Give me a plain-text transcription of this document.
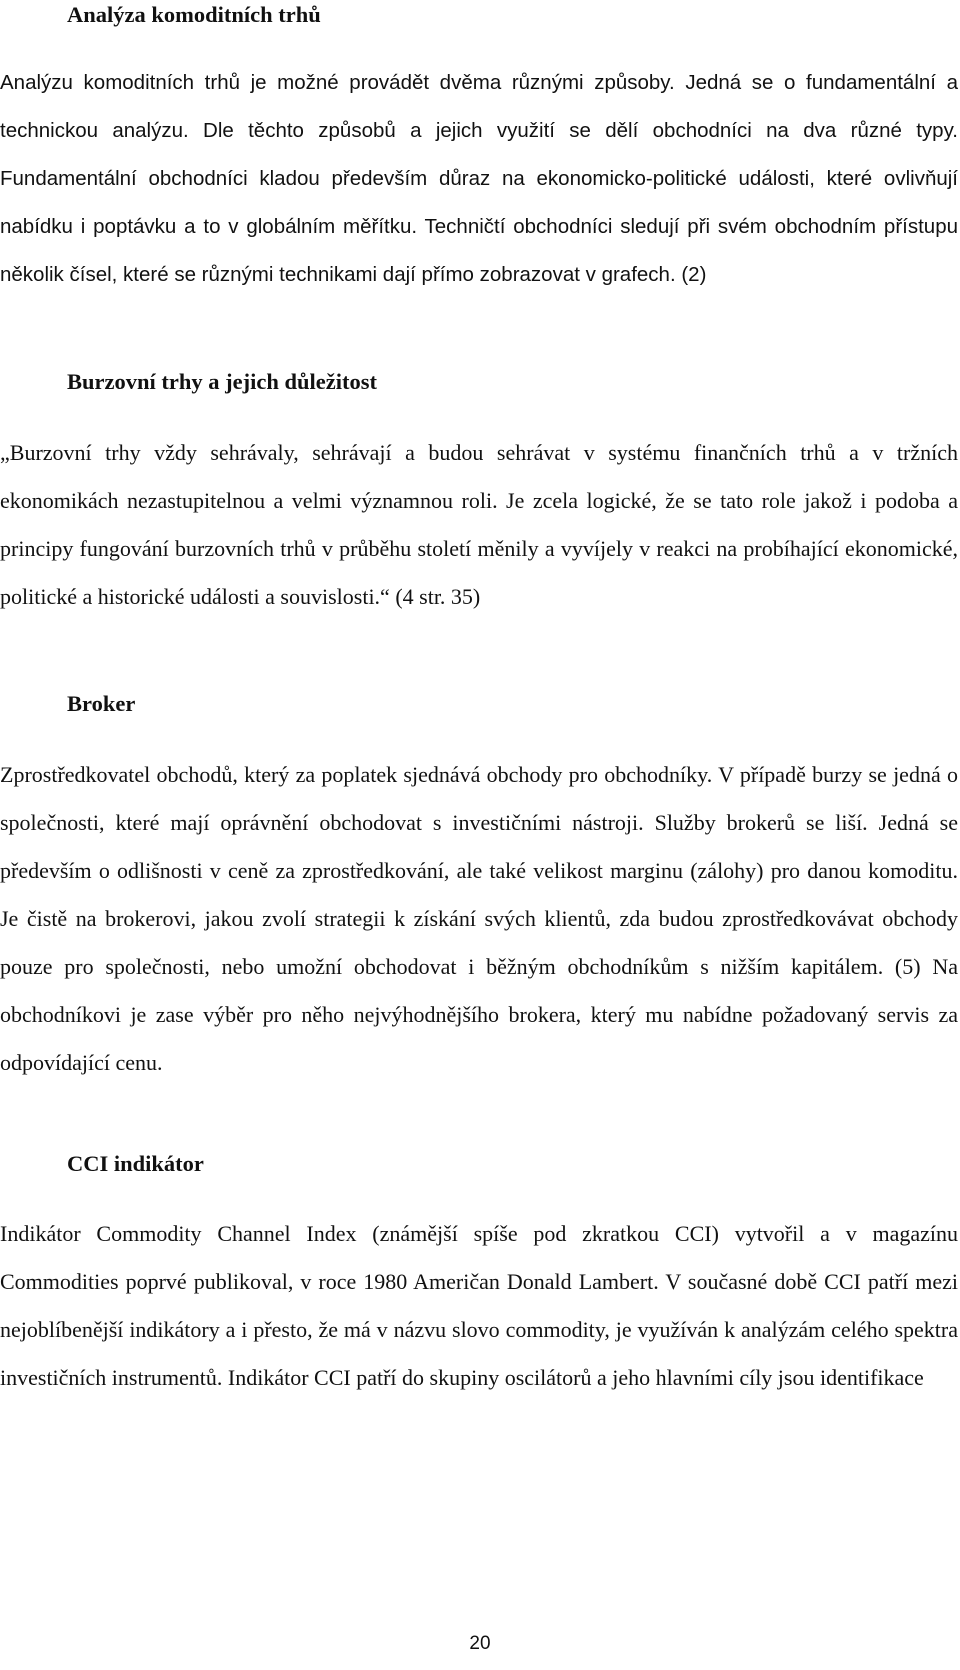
Analýza komoditních trhů

Analýzu komoditních trhů je možné provádět dvěma různými způsoby. Jedná se o fundamentální a technickou analýzu. Dle těchto způsobů a jejich využití se dělí obchodníci na dva různé typy. Fundamentální obchodníci kladou především důraz na ekonomicko-politické události, které ovlivňují nabídku i poptávku a to v globálním měřítku. Techničtí obchodníci sledují při svém obchodním přístupu několik čísel, které se různými technikami dají přímo zobrazovat v grafech. (2)

Burzovní trhy a jejich důležitost

„Burzovní trhy vždy sehrávaly, sehrávají a budou sehrávat v systému finančních trhů a v tržních ekonomikách nezastupitelnou a velmi významnou roli. Je zcela logické, že se tato role jakož i podoba a principy fungování burzovních trhů v průběhu století měnily a vyvíjely v reakci na probíhající ekonomické, politické a historické události a souvislosti.“ (4 str. 35)

Broker

Zprostředkovatel obchodů, který za poplatek sjednává obchody pro obchodníky. V případě burzy se jedná o společnosti, které mají oprávnění obchodovat s investičními nástroji. Služby brokerů se liší. Jedná se především o odlišnosti v ceně za zprostředkování, ale také velikost marginu (zálohy) pro danou komoditu. Je čistě na brokerovi, jakou zvolí strategii k získání svých klientů, zda budou zprostředkovávat obchody pouze pro společnosti, nebo umožní obchodovat i běžným obchodníkům s nižším kapitálem. (5) Na obchodníkovi je zase výběr pro něho nejvýhodnějšího brokera, který mu nabídne požadovaný servis za odpovídající cenu.

CCI indikátor

Indikátor Commodity Channel Index (známější spíše pod zkratkou CCI) vytvořil a v magazínu Commodities poprvé publikoval, v roce 1980 Američan Donald Lambert. V současné době CCI patří mezi nejoblíbenější indikátory a i přesto, že má v názvu slovo commodity, je využíván k analýzám celého spektra investičních instrumentů. Indikátor CCI patří do skupiny oscilátorů a jeho hlavními cíly jsou identifikace

20
